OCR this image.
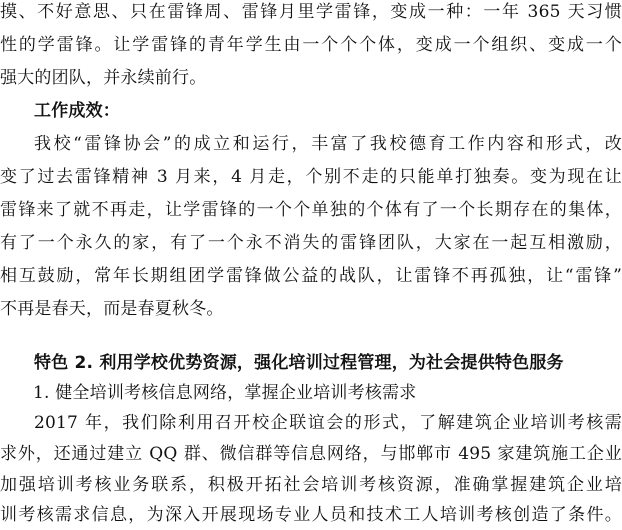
摸、不好意思、只在雷锋周、雷锋月里学雷锋，变成一种：一年 365 天习惯
性的学雷锋。让学雷锋的青年学生由一个个个体，变成一个组织、变成一个
强大的团队，并永续前行。
工作成效：
我校“雷锋协会”的成立和运行，丰富了我校德育工作内容和形式，改
变了过去雷锋精神 3 月来，4 月走，个别不走的只能单打独奏。变为现在让
雷锋来了就不再走，让学雷锋的一个个单独的个体有了一个长期存在的集体，
有了一个永久的家，有了一个永不消失的雷锋团队，大家在一起互相激励，
相互鼓励，常年长期组团学雷锋做公益的战队，让雷锋不再孤独，让“雷锋”
不再是春天，而是春夏秋冬。
特色 2. 利用学校优势资源，强化培训过程管理，为社会提供特色服务
1. 健全培训考核信息网络，掌握企业培训考核需求
2017 年，我们除利用召开校企联谊会的形式，了解建筑企业培训考核需
求外，还通过建立 QQ 群、微信群等信息网络，与邯郸市 495 家建筑施工企业
加强培训考核业务联系，积极开拓社会培训考核资源，准确掌握建筑企业培
训考核需求信息，为深入开展现场专业人员和技术工人培训考核创造了条件。
